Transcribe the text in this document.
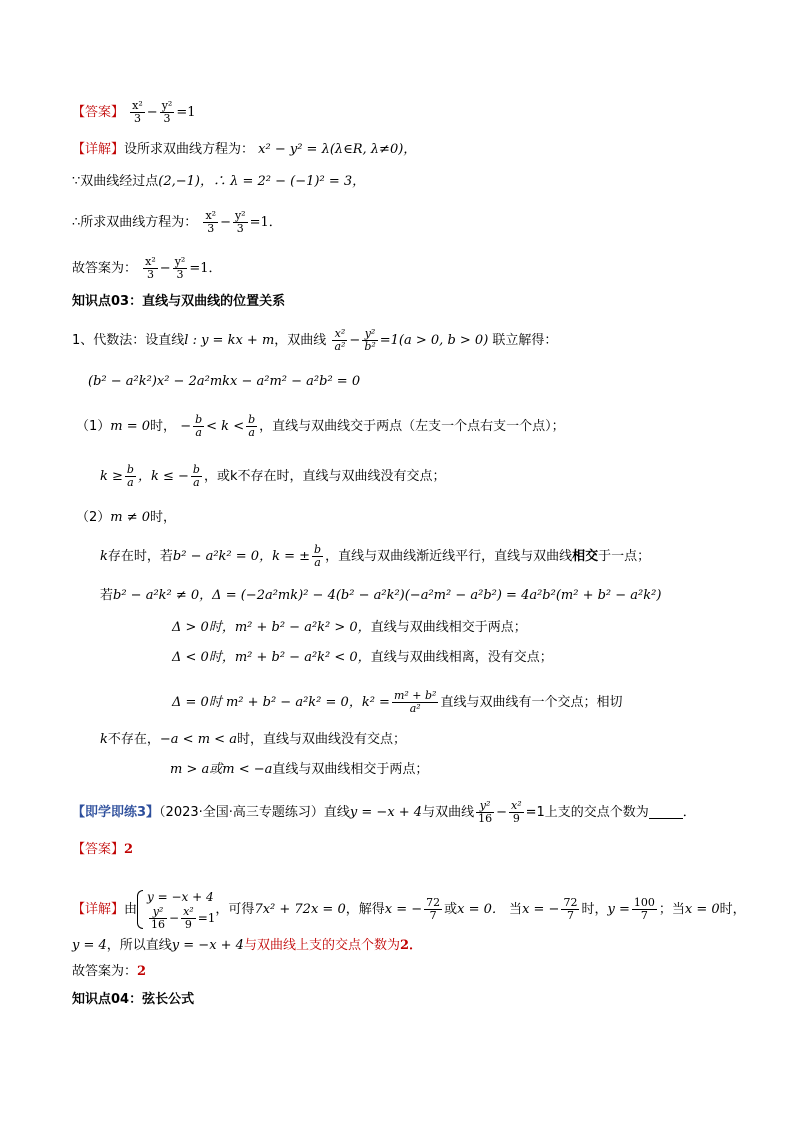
【答案】 $\frac{\text{x²}}{3} - \frac{\text{y²}}{3} =1$
【详解】设所求双曲线方程为： x² − y² = λ(λ∈R, λ≠0)，
∵双曲线经过点(2,−1)，∴ λ = 2² − (−1)² = 3，
∴所求双曲线方程为： $\frac{\text{x²}}{3} - \frac{\text{y²}}{3} =1$．
故答案为： $\frac{\text{x²}}{3} - \frac{\text{y²}}{3} =1$．
知识点03：直线与双曲线的位置关系
1、代数法：设直线l : y = kx + m，双曲线 $\frac{\text{x²}}{\text{a²}} - \frac{\text{y²}}{\text{b²}} =1(a > 0$, b > 0) 联立解得：
(b² − a²k²)x² − 2a²mkx − a²m² − a²b² = 0
（1）m = 0时， − $\frac{b}{a} < k < \frac{b}{a}$ ，直线与双曲线交于两点（左支一个点右支一个点）；
$k \ge \frac{b}{a}$ ，k ≤ − $\frac{b}{a}$ ，或k不存在时，直线与双曲线没有交点；
（2）m ≠ 0时，
k存在时，若b² − a²k² = 0，k = ± $\frac{b}{a}$ ，直线与双曲线渐近线平行，直线与双曲线相交于一点；
若b² − a²k² ≠ 0，Δ = (−2a²mk)² − 4(b² − a²k²)(−a²m² − a²b²) = 4a²b²(m² + b² − a²k²)
Δ > 0时，m² + b² − a²k² > 0，直线与双曲线相交于两点；
Δ < 0时，m² + b² − a²k² < 0，直线与双曲线相离，没有交点；
Δ = 0时 m² + b² − a²k² = 0，$k^2 = \frac{\text{m² + b²}}{\text{a²}}$ 直线与双曲线有一个交点；相切
k不存在，−a < m < a时，直线与双曲线没有交点；
m > a或m < −a直线与双曲线相交于两点；
【即学即练3】（2023·全国·高三专题练习）直线y = −x + 4与双曲线 $\frac{\text{y²}}{16} - \frac{\text{x²}}{9} =1$上支的交点个数为	．
【答案】2
【详解】由
y = −x + 4
$\frac{\text{y²}}{16} - \frac{\text{x²}}{9} =1$
，可得7x² + 72x = 0，解得x = − $\frac{72}{7}$ 或x = 0． 当x = − $\frac{72}{7}$ 时，$y = \frac{100}{7}$ ；当x = 0时，
y = 4，所以直线y = −x + 4与双曲线上支的交点个数为2．
故答案为：2
知识点04：弦长公式
